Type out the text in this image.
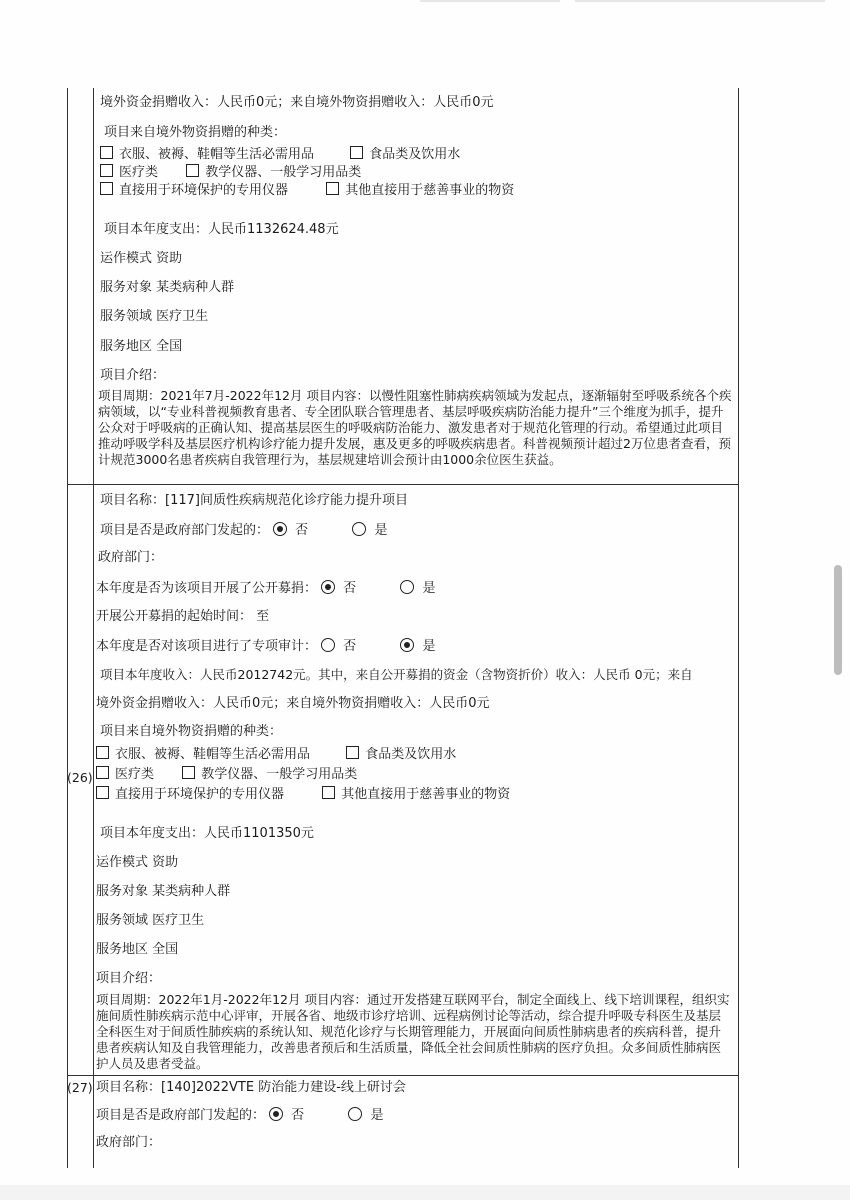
境外资金捐赠收入：人民币0元；来自境外物资捐赠收入：人民币0元
项目来自境外物资捐赠的种类：
衣服、被褥、鞋帽等生活必需用品	食品类及饮用水
医疗类	教学仪器、一般学习用品类
直接用于环境保护的专用仪器	其他直接用于慈善事业的物资
项目本年度支出：人民币1132624.48元
运作模式 资助
服务对象 某类病种人群
服务领域 医疗卫生
服务地区 全国
项目介绍：
项目周期：2021年7月-2022年12月 项目内容：以慢性阻塞性肺病疾病领域为发起点，逐渐辐射至呼吸系统各个疾病领域，以“专业科普视频教育患者、专全团队联合管理患者、基层呼吸疾病防治能力提升”三个维度为抓手，提升公众对于呼吸病的正确认知、提高基层医生的呼吸病防治能力、激发患者对于规范化管理的行动。希望通过此项目推动呼吸学科及基层医疗机构诊疗能力提升发展，惠及更多的呼吸疾病患者。科普视频预计超过2万位患者查看，预计规范3000名患者疾病自我管理行为，基层规建培训会预计由1000余位医生获益。
(26)
项目名称：[117]间质性疾病规范化诊疗能力提升项目
项目是否是政府部门发起的： 否	是
政府部门：
本年度是否为该项目开展了公开募捐： 否	是
开展公开募捐的起始时间： 至
本年度是否对该项目进行了专项审计： 否	是
项目本年度收入：人民币2012742元。其中，来自公开募捐的资金（含物资折价）收入：人民币 0元；来自
境外资金捐赠收入：人民币0元；来自境外物资捐赠收入：人民币0元
项目来自境外物资捐赠的种类：
衣服、被褥、鞋帽等生活必需用品	食品类及饮用水
医疗类	教学仪器、一般学习用品类
直接用于环境保护的专用仪器	其他直接用于慈善事业的物资
项目本年度支出：人民币1101350元
运作模式 资助
服务对象 某类病种人群
服务领域 医疗卫生
服务地区 全国
项目介绍：
项目周期：2022年1月-2022年12月 项目内容：通过开发搭建互联网平台，制定全面线上、线下培训课程，组织实施间质性肺疾病示范中心评审，开展各省、地级市诊疗培训、远程病例讨论等活动，综合提升呼吸专科医生及基层全科医生对于间质性肺疾病的系统认知、规范化诊疗与长期管理能力，开展面向间质性肺病患者的疾病科普，提升患者疾病认知及自我管理能力，改善患者预后和生活质量，降低全社会间质性肺病的医疗负担。众多间质性肺病医护人员及患者受益。
(27) 项目名称：[140]2022VTE 防治能力建设-线上研讨会
项目是否是政府部门发起的： 否	是
政府部门：
